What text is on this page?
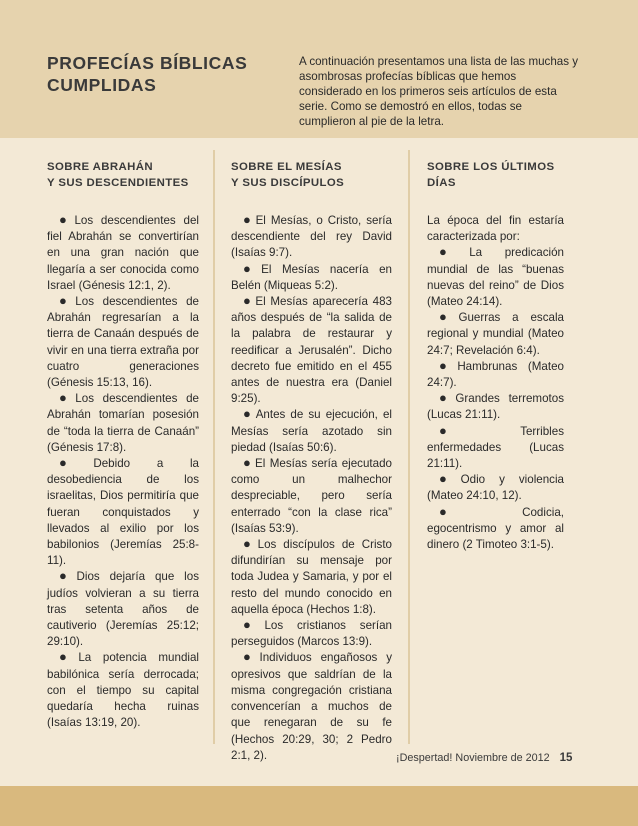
PROFECÍAS BÍBLICAS CUMPLIDAS
A continuación presentamos una lista de las muchas y asombrosas profecías bíblicas que hemos considerado en los primeros seis artículos de esta serie. Como se demostró en ellos, todas se cumplieron al pie de la letra.
SOBRE ABRAHÁN
Y SUS DESCENDIENTES
SOBRE EL MESÍAS
Y SUS DISCÍPULOS
SOBRE LOS ÚLTIMOS
DÍAS

● Los descendientes del fiel Abrahán se convertirían en una gran nación que llegaría a ser conocida como Israel (Génesis 12:1, 2).

● Los descendientes de Abrahán regresarían a la tierra de Canaán después de vivir en una tierra extraña por cuatro generaciones (Génesis 15:13, 16).

● Los descendientes de Abrahán tomarían posesión de “toda la tierra de Canaán” (Génesis 17:8).

● Debido a la desobediencia de los israelitas, Dios permitiría que fueran conquistados y llevados al exilio por los babilonios (Jeremías 25:8-11).

● Dios dejaría que los judíos volvieran a su tierra tras setenta años de cautiverio (Jeremías 25:12; 29:10).

● La potencia mundial babilónica sería derrocada; con el tiempo su capital quedaría hecha ruinas (Isaías 13:19, 20).

● El Mesías, o Cristo, sería descendiente del rey David (Isaías 9:7).

● El Mesías nacería en Belén (Miqueas 5:2).

● El Mesías aparecería 483 años después de “la salida de la palabra de restaurar y reedificar a Jerusalén”. Dicho decreto fue emitido en el 455 antes de nuestra era (Daniel 9:25).

● Antes de su ejecución, el Mesías sería azotado sin piedad (Isaías 50:6).

● El Mesías sería ejecutado como un malhechor despreciable, pero sería enterrado “con la clase rica” (Isaías 53:9).

● Los discípulos de Cristo difundirían su mensaje por toda Judea y Samaria, y por el resto del mundo conocido en aquella época (Hechos 1:8).

● Los cristianos serían perseguidos (Marcos 13:9).

● Individuos engañosos y opresivos que saldrían de la misma congregación cristiana convencerían a muchos de que renegaran de su fe (Hechos 20:29, 30; 2 Pedro 2:1, 2).

La época del fin estaría caracterizada por:

● La predicación mundial de las “buenas nuevas del reino” de Dios (Mateo 24:14).

● Guerras a escala regional y mundial (Mateo 24:7; Revelación 6:4).

● Hambrunas (Mateo 24:7).

● Grandes terremotos (Lucas 21:11).

● Terribles enfermedades (Lucas 21:11).

● Odio y violencia (Mateo 24:10, 12).

● Codicia, egocentrismo y amor al dinero (2 Timoteo 3:1-5).

¡Despertad! Noviembre de 2012 15
